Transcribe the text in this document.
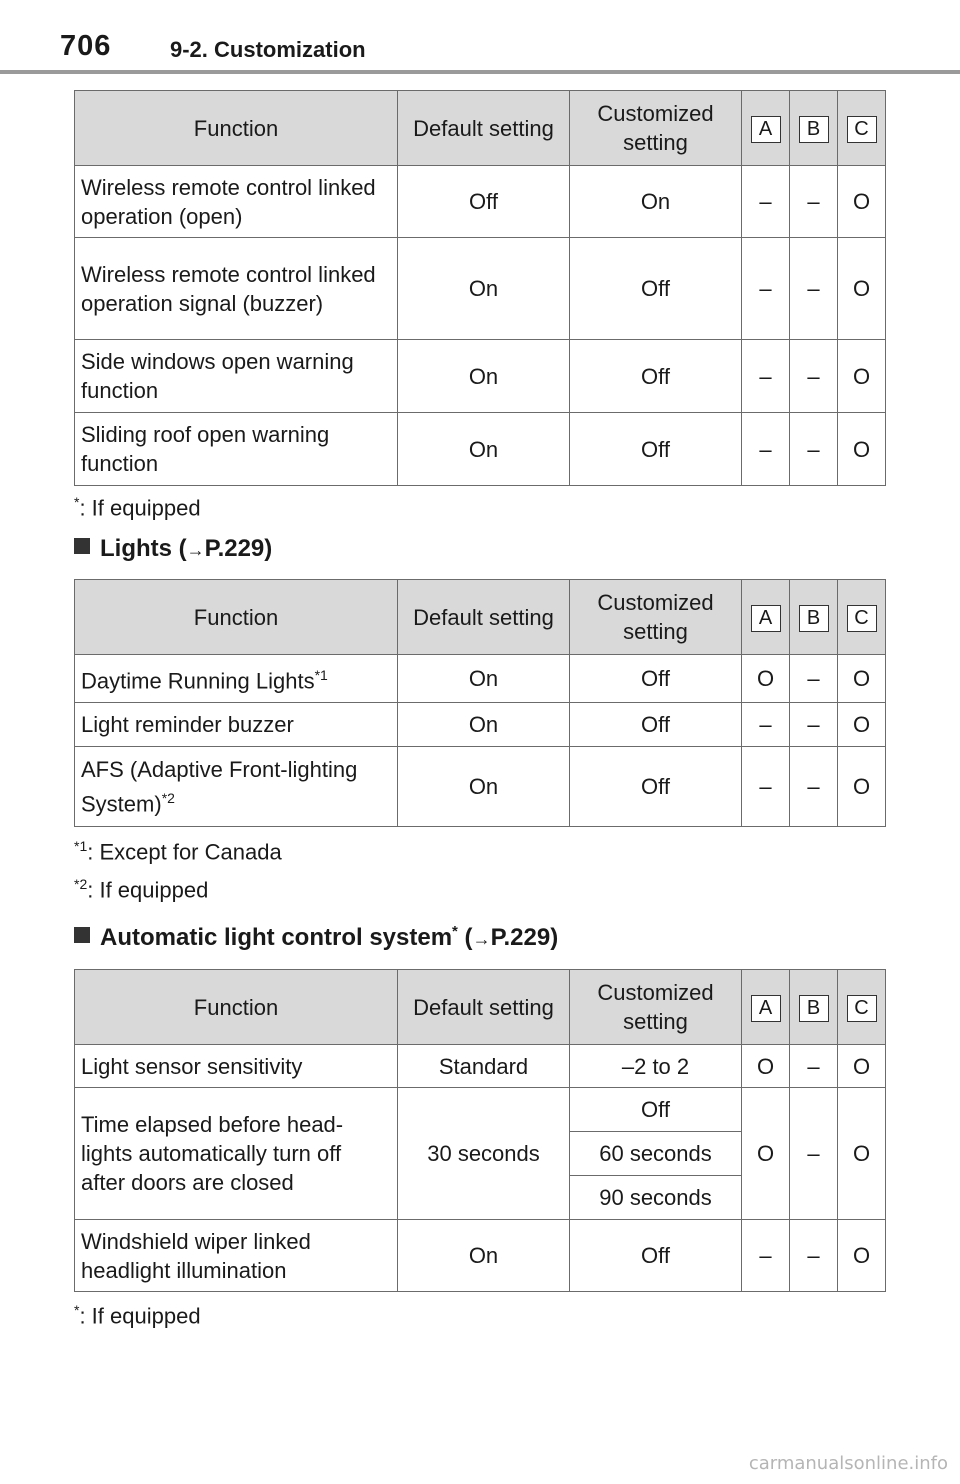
706	9-2. Customization
Function	Default setting	Customized setting	A	B	C
Wireless remote control linked operation (open)	Off	On	–	–	O
Wireless remote control linked operation signal (buzzer)	On	Off	–	–	O
Side windows open warning function	On	Off	–	–	O
Sliding roof open warning function	On	Off	–	–	O
*: If equipped
Lights (→P.229)
Function	Default setting	Customized setting	A	B	C
Daytime Running Lights$^{*1}$	On	Off	O	–	O
Light reminder buzzer	On	Off	–	–	O
AFS (Adaptive Front-lighting System)$^{*2}$	On	Off	–	–	O
$^{*1}$: Except for Canada
$^{*2}$: If equipped
Automatic light control system* (→P.229)
Function	Default setting	Customized setting	A	B	C
Light sensor sensitivity	Standard	–2 to 2	O	–	O
Time elapsed before head-lights automatically turn off after doors are closed	30 seconds	Off	O	–	O
		60 seconds			
		90 seconds			
Windshield wiper linked headlight illumination	On	Off	–	–	O
*: If equipped
carmanualsonline.info
